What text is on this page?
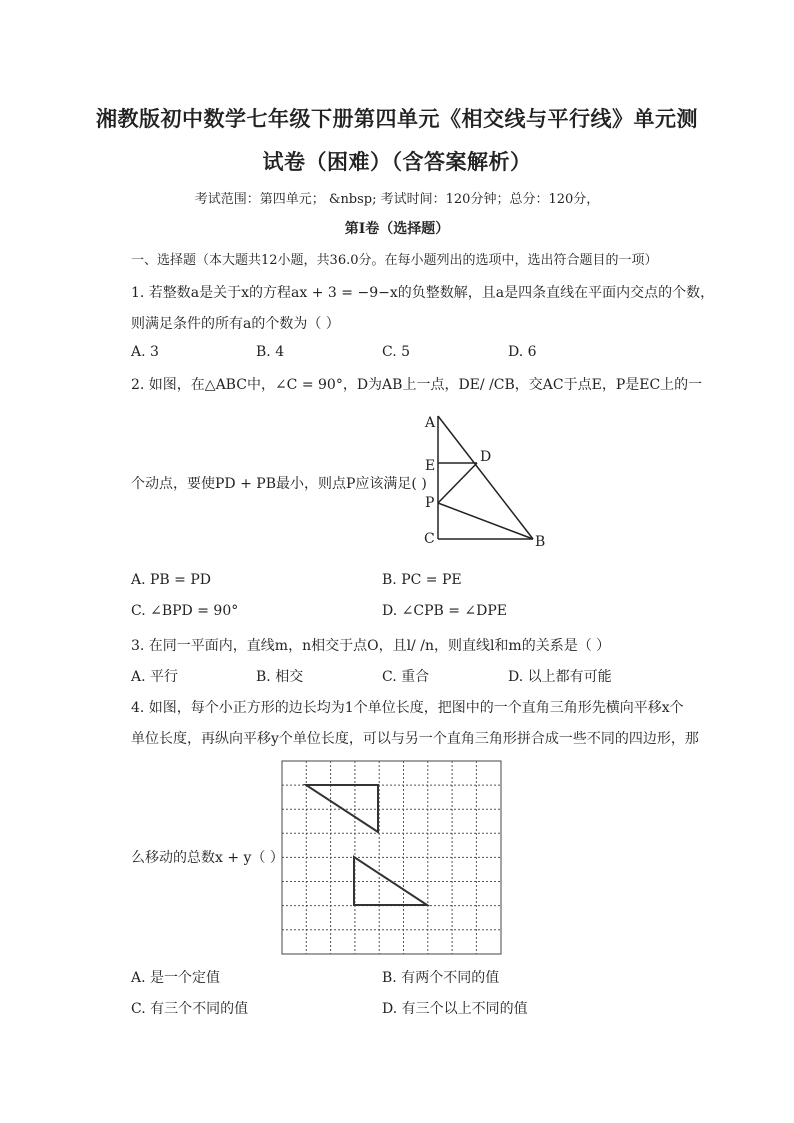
湘教版初中数学七年级下册第四单元《相交线与平行线》单元测
试卷（困难）（含答案解析）
考试范围：第四单元； &nbsp; 考试时间：120分钟；总分：120分，
第I卷（选择题）
一、选择题（本大题共12小题，共36.0分。在每小题列出的选项中，选出符合题目的一项）
1. 若整数a是关于x的方程ax + 3 = −9−x的负整数解，且a是四条直线在平面内交点的个数，
则满足条件的所有a的个数为（ ）
A. 3	B. 4	C. 5	D. 6
2. 如图，在△ABC中，∠C = 90°，D为AB上一点，DE/ /CB，交AC于点E，P是EC上的一
A
D
E
P
C	B
个动点，要使PD + PB最小，则点P应该满足( )
A. PB = PD	B. PC = PE
C. ∠BPD = 90°	D. ∠CPB = ∠DPE
3. 在同一平面内，直线m，n相交于点O，且l/ /n，则直线l和m的关系是（ ）
A. 平行	B. 相交	C. 重合	D. 以上都有可能
4. 如图，每个小正方形的边长均为1个单位长度，把图中的一个直角三角形先横向平移x个
单位长度，再纵向平移y个单位长度，可以与另一个直角三角形拼合成一些不同的四边形，那
么移动的总数x + y（ ）
A. 是一个定值	B. 有两个不同的值
C. 有三个不同的值	D. 有三个以上不同的值
